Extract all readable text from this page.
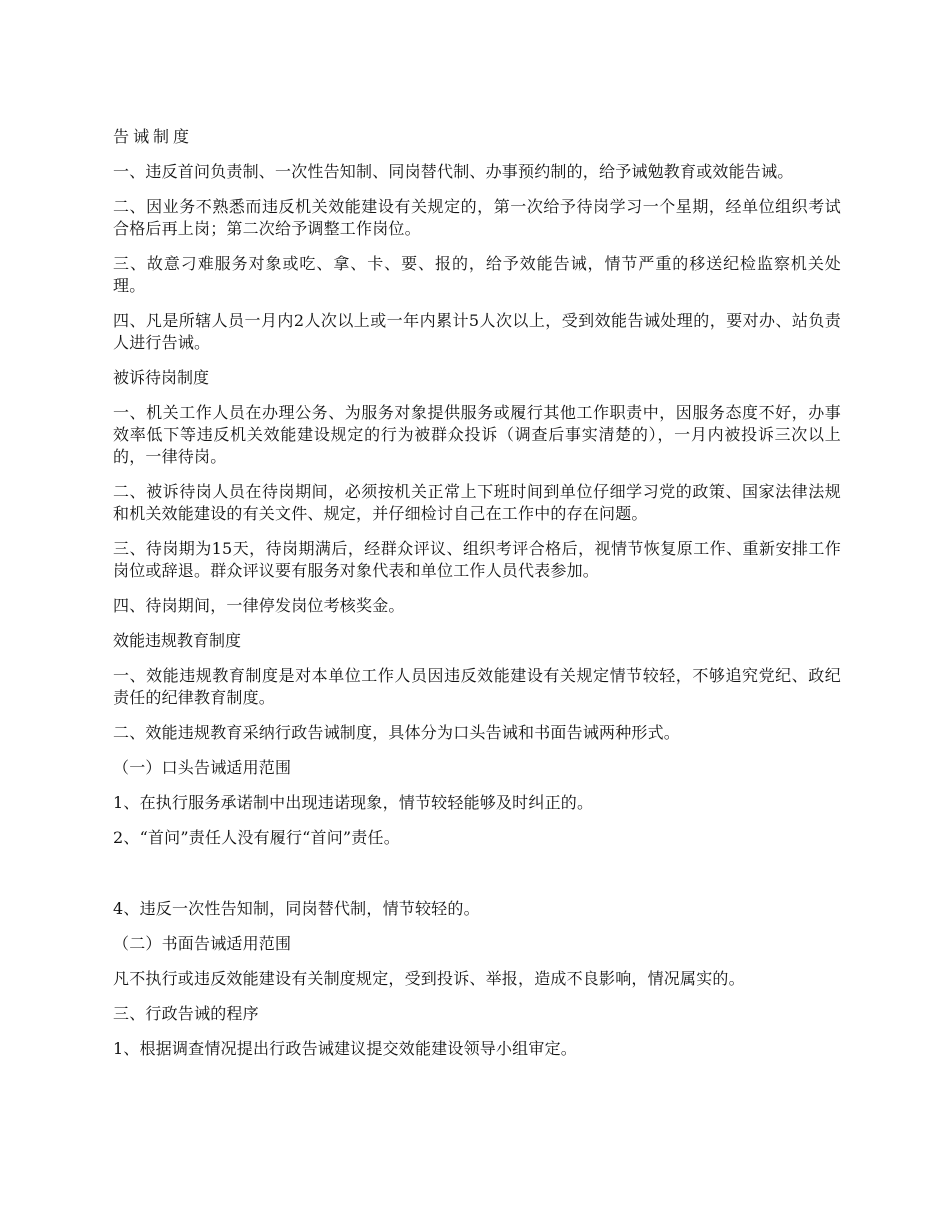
告诫制度

一、违反首问负责制、一次性告知制、同岗替代制、办事预约制的，给予诫勉教育或效能告诫。

二、因业务不熟悉而违反机关效能建设有关规定的，第一次给予待岗学习一个星期，经单位组织考试合格后再上岗；第二次给予调整工作岗位。

三、故意刁难服务对象或吃、拿、卡、要、报的，给予效能告诫，情节严重的移送纪检监察机关处理。

四、凡是所辖人员一月内2人次以上或一年内累计5人次以上，受到效能告诫处理的，要对办、站负责人进行告诫。

被诉待岗制度

一、机关工作人员在办理公务、为服务对象提供服务或履行其他工作职责中，因服务态度不好，办事效率低下等违反机关效能建设规定的行为被群众投诉（调查后事实清楚的），一月内被投诉三次以上的，一律待岗。

二、被诉待岗人员在待岗期间，必须按机关正常上下班时间到单位仔细学习党的政策、国家法律法规和机关效能建设的有关文件、规定，并仔细检讨自己在工作中的存在问题。

三、待岗期为15天，待岗期满后，经群众评议、组织考评合格后，视情节恢复原工作、重新安排工作岗位或辞退。群众评议要有服务对象代表和单位工作人员代表参加。

四、待岗期间，一律停发岗位考核奖金。

效能违规教育制度

一、效能违规教育制度是对本单位工作人员因违反效能建设有关规定情节较轻，不够追究党纪、政纪责任的纪律教育制度。

二、效能违规教育采纳行政告诫制度，具体分为口头告诫和书面告诫两种形式。

（一）口头告诫适用范围

1、在执行服务承诺制中出现违诺现象，情节较轻能够及时纠正的。

2、“首问”责任人没有履行“首问”责任。

4、违反一次性告知制，同岗替代制，情节较轻的。

（二）书面告诫适用范围

凡不执行或违反效能建设有关制度规定，受到投诉、举报，造成不良影响，情况属实的。

三、行政告诫的程序

1、根据调查情况提出行政告诫建议提交效能建设领导小组审定。
